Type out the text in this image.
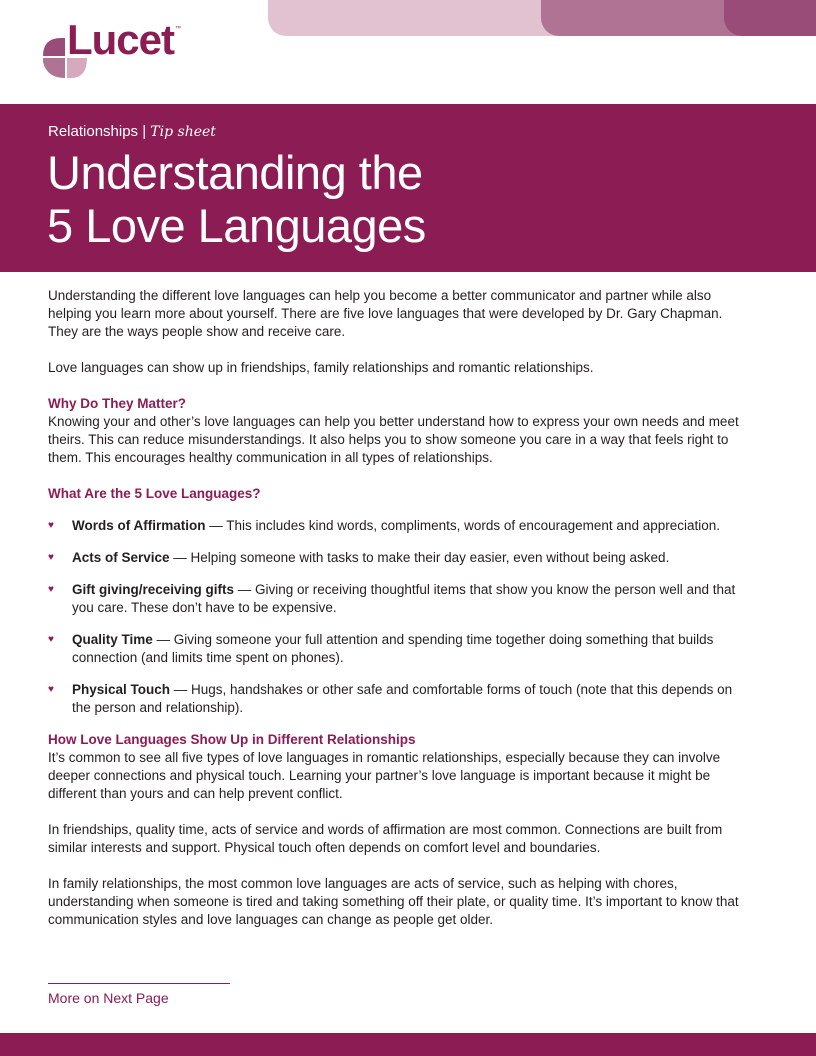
Lucet ™
Relationships | Tip sheet
Understanding the
5 Love Languages

Understanding the different love languages can help you become a better communicator and partner while also helping you learn more about yourself. There are five love languages that were developed by Dr. Gary Chapman. They are the ways people show and receive care.

Love languages can show up in friendships, family relationships and romantic relationships.

Why Do They Matter?

Knowing your and other’s love languages can help you better understand how to express your own needs and meet theirs. This can reduce misunderstandings. It also helps you to show someone you care in a way that feels right to them. This encourages healthy communication in all types of relationships.

What Are the 5 Love Languages?

♥ Words of Affirmation — This includes kind words, compliments, words of encouragement and appreciation.
♥ Acts of Service — Helping someone with tasks to make their day easier, even without being asked.
♥ Gift giving/receiving gifts — Giving or receiving thoughtful items that show you know the person well and that you care. These don’t have to be expensive.
♥ Quality Time — Giving someone your full attention and spending time together doing something that builds connection (and limits time spent on phones).
♥ Physical Touch — Hugs, handshakes or other safe and comfortable forms of touch (note that this depends on the person and relationship).

How Love Languages Show Up in Different Relationships

It’s common to see all five types of love languages in romantic relationships, especially because they can involve deeper connections and physical touch. Learning your partner’s love language is important because it might be different than yours and can help prevent conflict.

In friendships, quality time, acts of service and words of affirmation are most common. Connections are built from similar interests and support. Physical touch often depends on comfort level and boundaries.

In family relationships, the most common love languages are acts of service, such as helping with chores, understanding when someone is tired and taking something off their plate, or quality time. It’s important to know that communication styles and love languages can change as people get older.

More on Next Page
